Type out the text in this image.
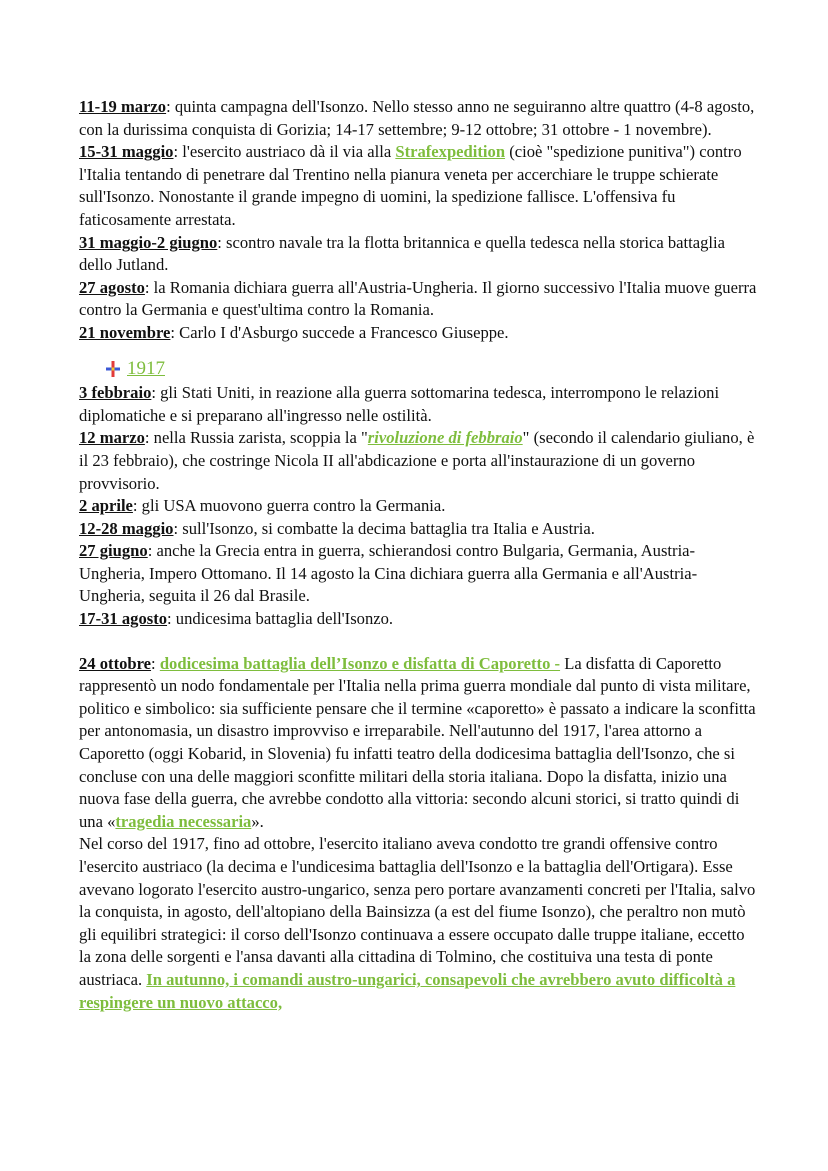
11-19 marzo: quinta campagna dell'Isonzo. Nello stesso anno ne seguiranno altre quattro (4-8 agosto, con la durissima conquista di Gorizia; 14-17 settembre; 9-12 ottobre; 31 ottobre - 1 novembre).

15-31 maggio: l'esercito austriaco dà il via alla Strafexpedition (cioè "spedizione punitiva") contro l'Italia tentando di penetrare dal Trentino nella pianura veneta per accerchiare le truppe schierate sull'Isonzo. Nonostante il grande impegno di uomini, la spedizione fallisce. L'offensiva fu faticosamente arrestata.

31 maggio-2 giugno: scontro navale tra la flotta britannica e quella tedesca nella storica battaglia dello Jutland.

27 agosto: la Romania dichiara guerra all'Austria-Ungheria. Il giorno successivo l'Italia muove guerra contro la Germania e quest'ultima contro la Romania.

21 novembre: Carlo I d'Asburgo succede a Francesco Giuseppe.

1917

3 febbraio: gli Stati Uniti, in reazione alla guerra sottomarina tedesca, interrompono le relazioni diplomatiche e si preparano all'ingresso nelle ostilità.

12 marzo: nella Russia zarista, scoppia la "rivoluzione di febbraio" (secondo il calendario giuliano, è il 23 febbraio), che costringe Nicola II all'abdicazione e porta all'instaurazione di un governo provvisorio.

2 aprile: gli USA muovono guerra contro la Germania.

12-28 maggio: sull'Isonzo, si combatte la decima battaglia tra Italia e Austria.

27 giugno: anche la Grecia entra in guerra, schierandosi contro Bulgaria, Germania, Austria-Ungheria, Impero Ottomano. Il 14 agosto la Cina dichiara guerra alla Germania e all'Austria-Ungheria, seguita il 26 dal Brasile.

17-31 agosto: undicesima battaglia dell'Isonzo.

24 ottobre: dodicesima battaglia dell’Isonzo e disfatta di Caporetto - La disfatta di Caporetto rappresentò un nodo fondamentale per l'Italia nella prima guerra mondiale dal punto di vista militare, politico e simbolico: sia sufficiente pensare che il termine «caporetto» è passato a indicare la sconfitta per antonomasia, un disastro improvviso e irreparabile. Nell'autunno del 1917, l'area attorno a Caporetto (oggi Kobarid, in Slovenia) fu infatti teatro della dodicesima battaglia dell'Isonzo, che si concluse con una delle maggiori sconfitte militari della storia italiana. Dopo la disfatta, inizio una nuova fase della guerra, che avrebbe condotto alla vittoria: secondo alcuni storici, si tratto quindi di una «tragedia necessaria».

Nel corso del 1917, fino ad ottobre, l'esercito italiano aveva condotto tre grandi offensive contro l'esercito austriaco (la decima e l'undicesima battaglia dell'Isonzo e la battaglia dell'Ortigara). Esse avevano logorato l'esercito austro-ungarico, senza pero portare avanzamenti concreti per l'Italia, salvo la conquista, in agosto, dell'altopiano della Bainsizza (a est del fiume Isonzo), che peraltro non mutò gli equilibri strategici: il corso dell'Isonzo continuava a essere occupato dalle truppe italiane, eccetto la zona delle sorgenti e l'ansa davanti alla cittadina di Tolmino, che costituiva una testa di ponte austriaca. In autunno, i comandi austro-ungarici, consapevoli che avrebbero avuto difficoltà a respingere un nuovo attacco,
